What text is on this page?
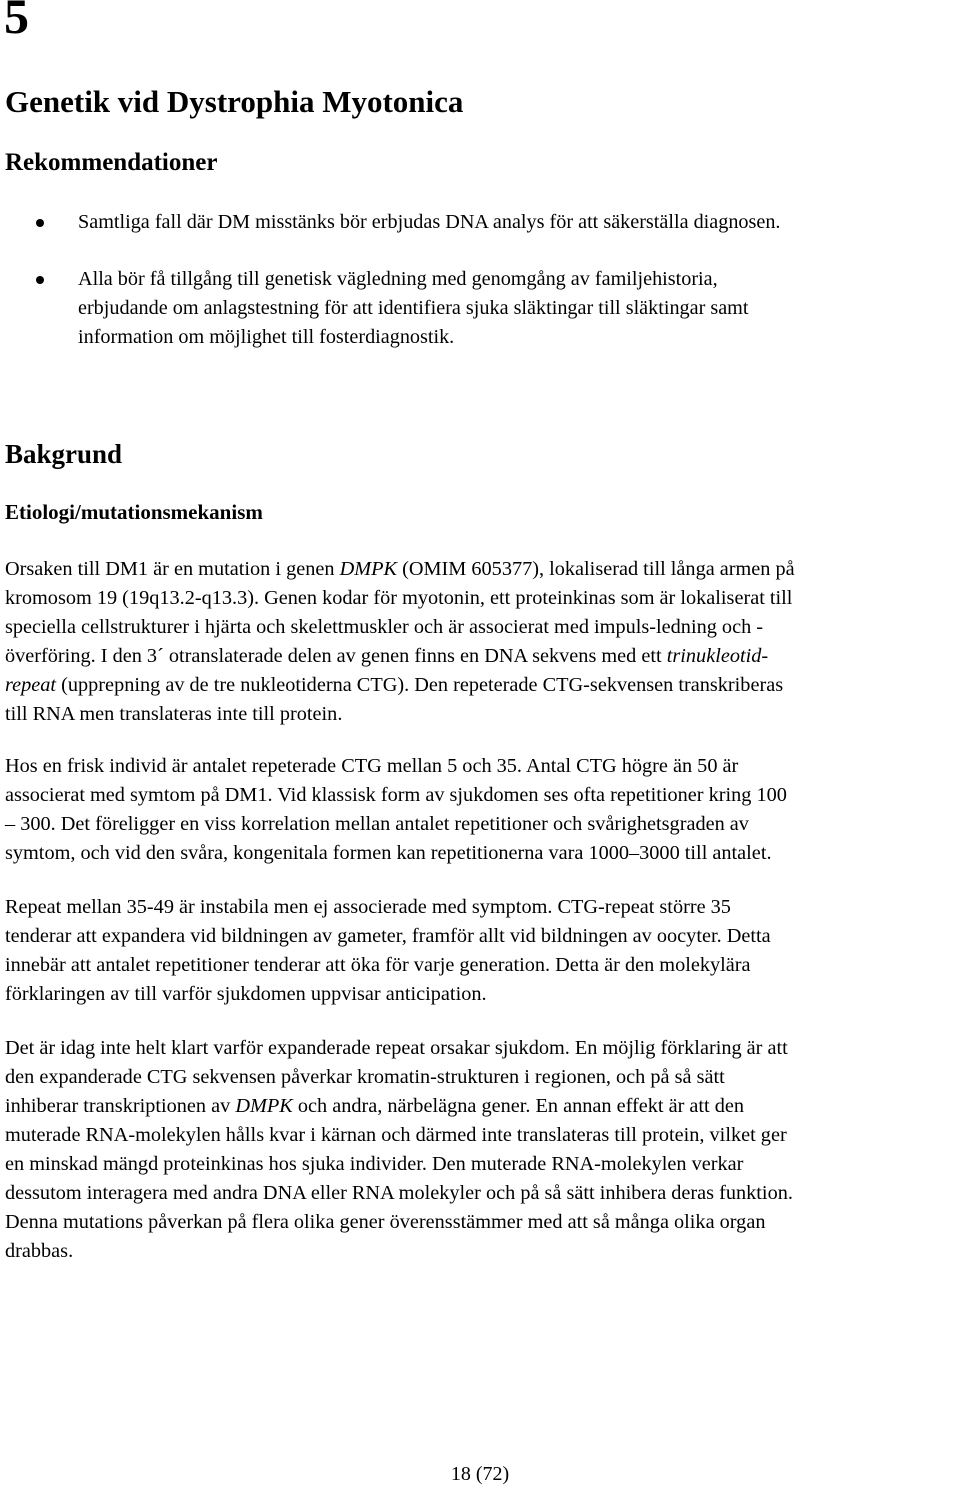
5
Genetik vid Dystrophia Myotonica
Rekommendationer
Samtliga fall där DM misstänks bör erbjudas DNA analys för att säkerställa diagnosen.
Alla bör få tillgång till genetisk vägledning med genomgång av familjehistoria,
erbjudande om anlagstestning för att identifiera sjuka släktingar till släktingar samt
information om möjlighet till fosterdiagnostik.
Bakgrund
Etiologi/mutationsmekanism
Orsaken till DM1 är en mutation i genen DMPK (OMIM 605377), lokaliserad till långa armen på
kromosom 19 (19q13.2-q13.3). Genen kodar för myotonin, ett proteinkinas som är lokaliserat till
speciella cellstrukturer i hjärta och skelettmuskler och är associerat med impuls-ledning och -
överföring. I den 3´ otranslaterade delen av genen finns en DNA sekvens med ett trinukleotid-
repeat (upprepning av de tre nukleotiderna CTG). Den repeterade CTG-sekvensen transkriberas
till RNA men translateras inte till protein.
Hos en frisk individ är antalet repeterade CTG mellan 5 och 35. Antal CTG högre än 50 är
associerat med symtom på DM1. Vid klassisk form av sjukdomen ses ofta repetitioner kring 100
– 300. Det föreligger en viss korrelation mellan antalet repetitioner och svårighetsgraden av
symtom, och vid den svåra, kongenitala formen kan repetitionerna vara 1000–3000 till antalet.
Repeat mellan 35-49 är instabila men ej associerade med symptom. CTG-repeat större 35
tenderar att expandera vid bildningen av gameter, framför allt vid bildningen av oocyter. Detta
innebär att antalet repetitioner tenderar att öka för varje generation. Detta är den molekylära
förklaringen av till varför sjukdomen uppvisar anticipation.
Det är idag inte helt klart varför expanderade repeat orsakar sjukdom. En möjlig förklaring är att
den expanderade CTG sekvensen påverkar kromatin-strukturen i regionen, och på så sätt
inhiberar transkriptionen av DMPK och andra, närbelägna gener. En annan effekt är att den
muterade RNA-molekylen hålls kvar i kärnan och därmed inte translateras till protein, vilket ger
en minskad mängd proteinkinas hos sjuka individer. Den muterade RNA-molekylen verkar
dessutom interagera med andra DNA eller RNA molekyler och på så sätt inhibera deras funktion.
Denna mutations påverkan på flera olika gener överensstämmer med att så många olika organ
drabbas.
18 (72)
